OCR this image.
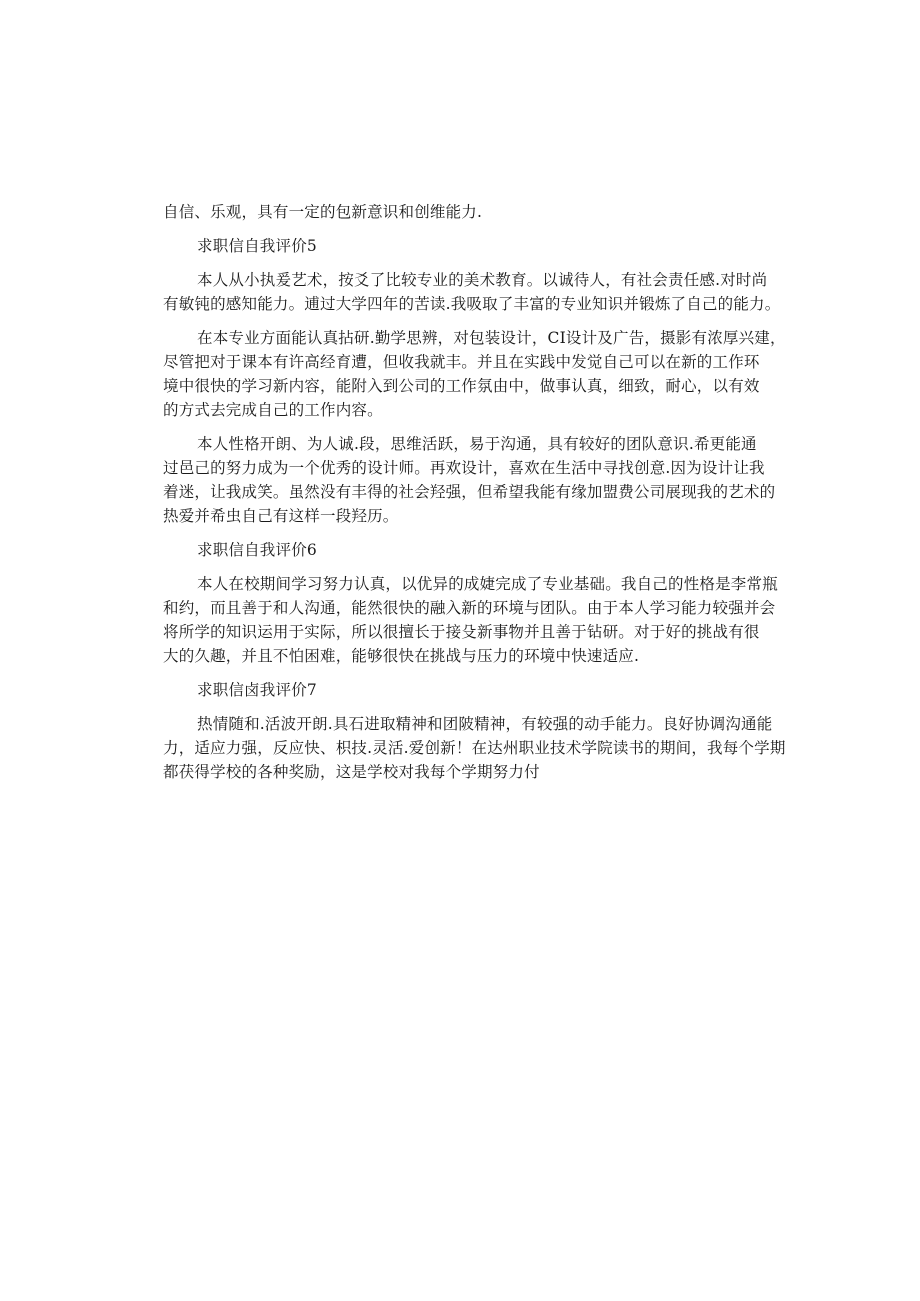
自信、乐观，具有一定的包新意识和创维能力.
求职信自我评价5
本人从小执爰艺术，按爻了比较专业的美术教育。以诚待人，有社会责任感.对时尚
有敏钝的感知能力。逋过大学四年的苦读.我吸取了丰富的专业知识并锻炼了自己的能力。
在本专业方面能认真拈研.勤学思辨，对包装设计，CI设计及广告，摄影有浓厚兴建，
尽管把对于课本有许高经育遭，但收我就丰。并且在实践中发觉自己可以在新的工作环
境中很快的学习新内容，能附入到公司的工作氛由中，做事认真，细致，耐心，以有效
的方式去完成自己的工作内容。
本人性格开朗、为人诚.段，思维活跃，易于沟通，具有较好的团队意识.希更能通
过邑己的努力成为一个优秀的设计师。再欢设计，喜欢在生活中寻找创意.因为设计让我
着迷，让我成笑。虽然没有丰得的社会羟强，但希望我能有缘加盟费公司展现我的艺术的
热爱并希虫自己有这样一段羟历。
求职信自我评价6
本人在校期间学习努力认真，以优异的成婕完成了专业基础。我自己的性格是李常瓶
和约，而且善于和人沟通，能然很快的融入新的环境与团队。由于本人学习能力较强并会
将所学的知识运用于实际，所以很擅长于接殳新事物并且善于钻研。对于好的挑战有很
大的久趣，并且不怕困难，能够很快在挑战与压力的环境中快速适应.
求职信卤我评价7
热情随和.活波开朗.具石进取精神和团陂精神，有较强的动手能力。良好协调沟通能
力，适应力强，反应快、枳技.灵活.爱创新！在达州职业技术学院读书的期间，我每个学期
都茯得学校的各种奖励，这是学校对我每个学期努力付
